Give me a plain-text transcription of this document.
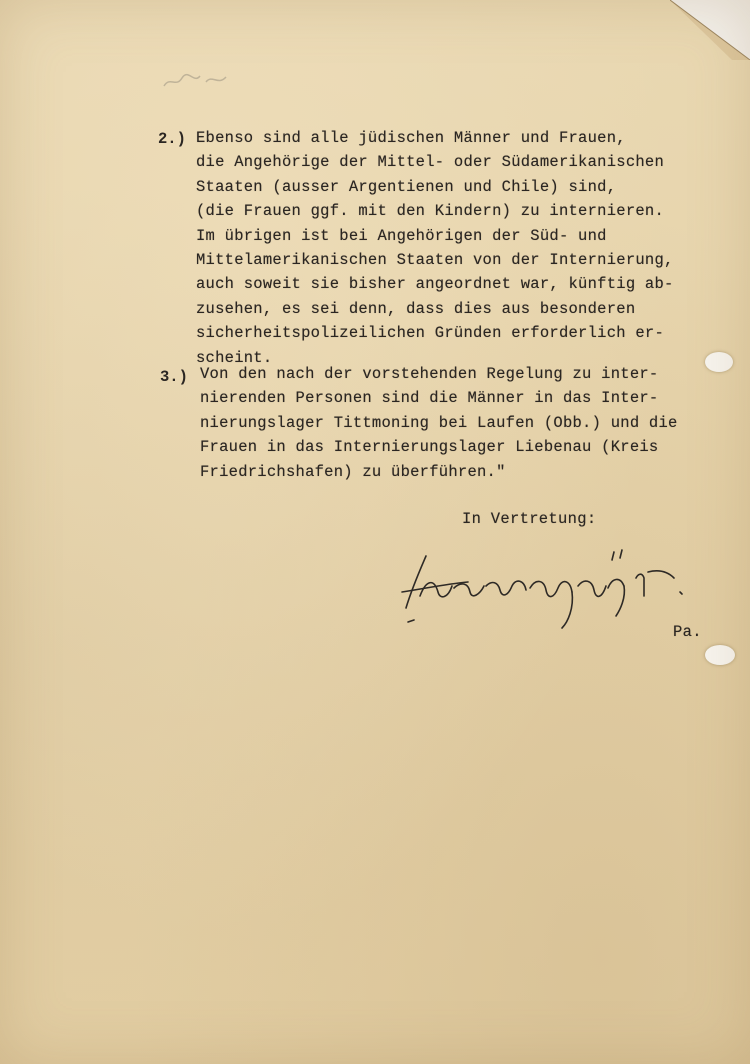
2.) Ebenso sind alle jüdischen Männer und Frauen,
die Angehörige der Mittel- oder Südamerikanischen
Staaten (ausser Argentienen und Chile) sind,
(die Frauen ggf. mit den Kindern) zu internieren.
Im übrigen ist bei Angehörigen der Süd- und
Mittelamerikanischen Staaten von der Internierung,
auch soweit sie bisher angeordnet war, künftig ab-
zusehen, es sei denn, dass dies aus besonderen
sicherheitspolizeilichen Gründen erforderlich er-
scheint.
3.) Von den nach der vorstehenden Regelung zu inter-
nierenden Personen sind die Männer in das Inter-
nierungslager Tittmoning bei Laufen (Obb.) und die
Frauen in das Internierungslager Liebenau (Kreis
Friedrichshafen) zu überführen."
In Vertretung:
Pa.
